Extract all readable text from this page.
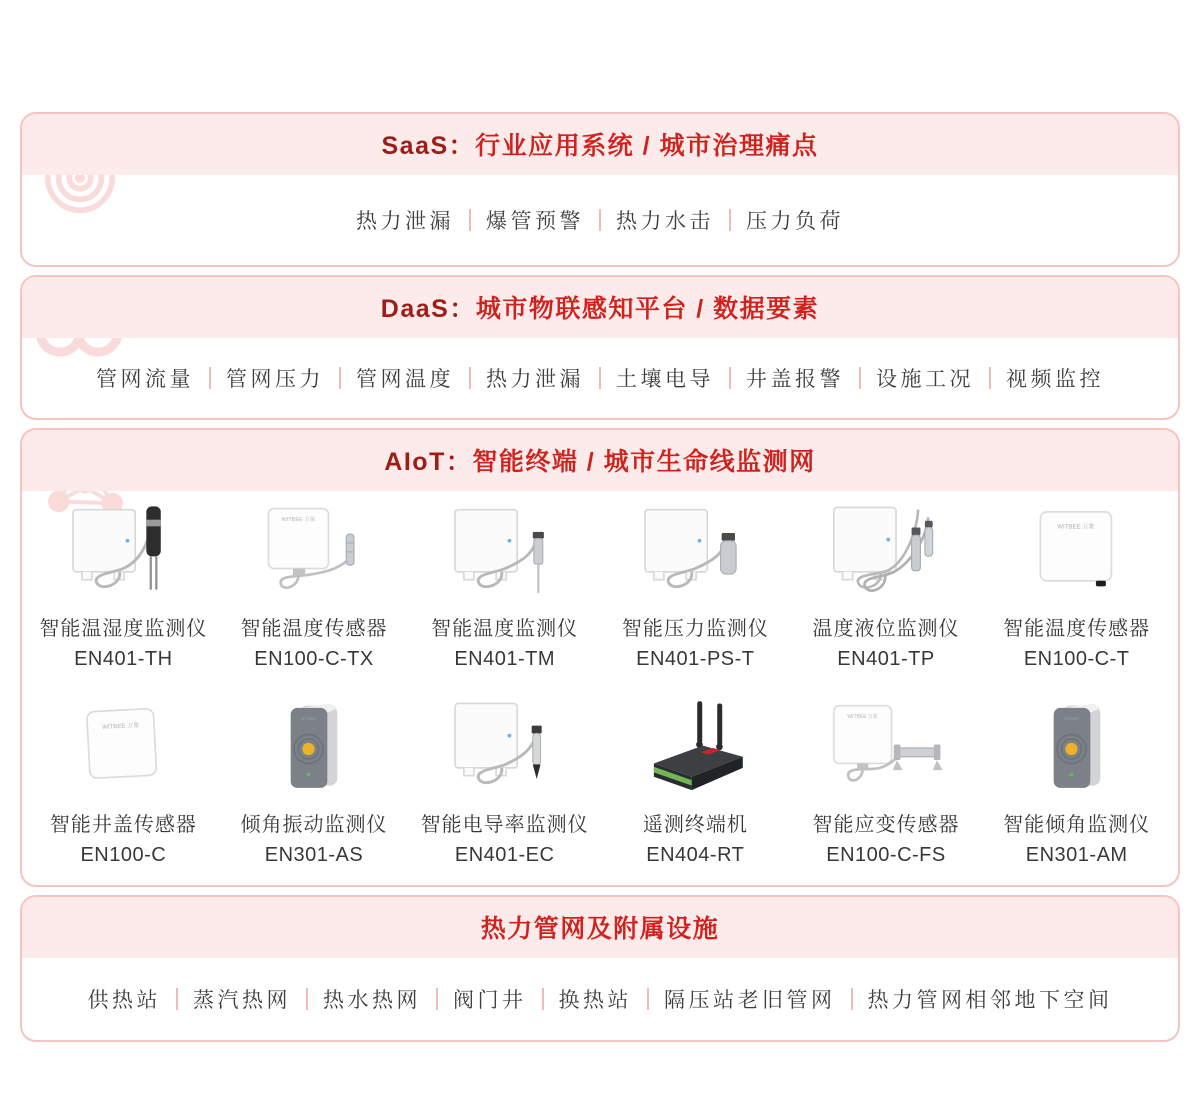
SaaS：行业应用系统 / 城市治理痛点
热力泄漏	爆管预警	热力水击	压力负荷
DaaS：城市物联感知平台 / 数据要素
管网流量	管网压力	管网温度	热力泄漏	土壤电导	井盖报警	设施工况	视频监控
AIoT：智能终端 / 城市生命线监测网
智能温湿度监测仪
EN401-TH
WITBEE 万象
智能温度传感器
EN100-C-TX
智能温度监测仪
EN401-TM
智能压力监测仪
EN401-PS-T
温度液位监测仪
EN401-TP
WITBEE 万象
智能温度传感器
EN100-C-T
WITBEE 万象
智能井盖传感器
EN100-C
WITBEE
倾角振动监测仪
EN301-AS
智能电导率监测仪
EN401-EC
遥测终端机
EN404-RT
WITBEE 万象
智能应变传感器
EN100-C-FS
WITBEE
智能倾角监测仪
EN301-AM
热力管网及附属设施
供热站	蒸汽热网	热水热网	阀门井	换热站	隔压站老旧管网	热力管网相邻地下空间
